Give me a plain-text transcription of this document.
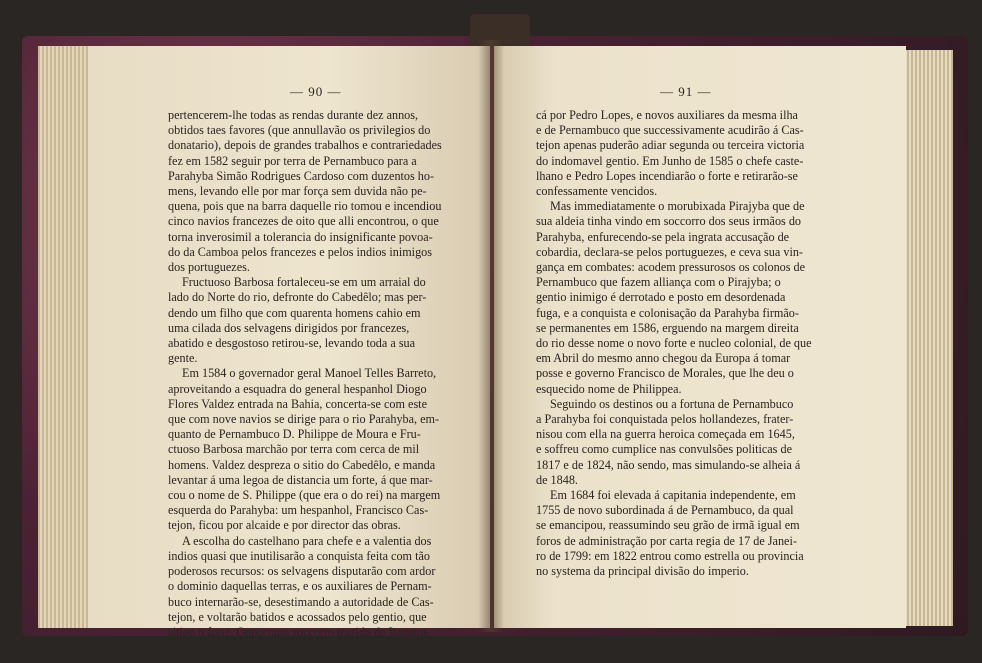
— 90 —	— 91 —
pertencerem-lhe todas as rendas durante dez annos,
obtidos taes favores (que annullavão os privilegios do
donatario), depois de grandes trabalhos e contrariedades
fez em 1582 seguir por terra de Pernambuco para a
Parahyba Simão Rodrigues Cardoso com duzentos ho-
mens, levando elle por mar força sem duvida não pe-
quena, pois que na barra daquelle rio tomou e incendiou
cinco navios francezes de oito que alli encontrou, o que
torna inverosimil a tolerancia do insignificante povoa-
do da Camboa pelos francezes e pelos indios inimigos
dos portuguezes.
Fructuoso Barbosa fortaleceu-se em um arraial do
lado do Norte do rio, defronte do Cabedêlo; mas per-
dendo um filho que com quarenta homens cahio em
uma cilada dos selvagens dirigidos por francezes,
abatido e desgostoso retirou-se, levando toda a sua
gente.
Em 1584 o governador geral Manoel Telles Barreto,
aproveitando a esquadra do general hespanhol Diogo
Flores Valdez entrada na Bahia, concerta-se com este
que com nove navios se dirige para o rio Parahyba, em-
quanto de Pernambuco D. Philippe de Moura e Fru-
ctuoso Barbosa marchão por terra com cerca de mil
homens. Valdez despreza o sitio do Cabedêlo, e manda
levantar á uma legoa de distancia um forte, á que mar-
cou o nome de S. Philippe (que era o do rei) na margem
esquerda do Parahyba: um hespanhol, Francisco Cas-
tejon, ficou por alcaide e por director das obras.
A escolha do castelhano para chefe e a valentia dos
indios quasi que inutilisarão a conquista feita com tão
poderosos recursos: os selvagens disputarão com ardor
o dominio daquellas terras, e os auxiliares de Pernam-
buco internarão-se, desestimando a autoridade de Cas-
tejon, e voltarão batidos e acossados pelo gentio, que
sitiou o forte. Opportuno soccorro trazido de Itamara-
cá por Pedro Lopes, e novos auxiliares da mesma ilha
e de Pernambuco que successivamente acudirão á Cas-
tejon apenas puderão adiar segunda ou terceira victoria
do indomavel gentio. Em Junho de 1585 o chefe caste-
lhano e Pedro Lopes incendiarão o forte e retirarão-se
confessamente vencidos.
Mas immediatamente o morubixada Pirajyba que de
sua aldeia tinha vindo em soccorro dos seus irmãos do
Parahyba, enfurecendo-se pela ingrata accusação de
cobardia, declara-se pelos portuguezes, e ceva sua vin-
gança em combates: acodem pressurosos os colonos de
Pernambuco que fazem alliança com o Pirajyba; o
gentio inimigo é derrotado e posto em desordenada
fuga, e a conquista e colonisação da Parahyba firmão-
se permanentes em 1586, erguendo na margem direita
do rio desse nome o novo forte e nucleo colonial, de que
em Abril do mesmo anno chegou da Europa á tomar
posse e governo Francisco de Morales, que lhe deu o
esquecido nome de Philippea.
Seguindo os destinos ou a fortuna de Pernambuco
a Parahyba foi conquistada pelos hollandezes, frater-
nisou com ella na guerra heroica começada em 1645,
e soffreu como cumplice nas convulsões politicas de
1817 e de 1824, não sendo, mas simulando-se alheia á
de 1848.
Em 1684 foi elevada á capitania independente, em
1755 de novo subordinada á de Pernambuco, da qual
se emancipou, reassumindo seu grão de irmã igual em
foros de administração por carta regia de 17 de Janei-
ro de 1799: em 1822 entrou como estrella ou provincia
no systema da principal divisão do imperio.
